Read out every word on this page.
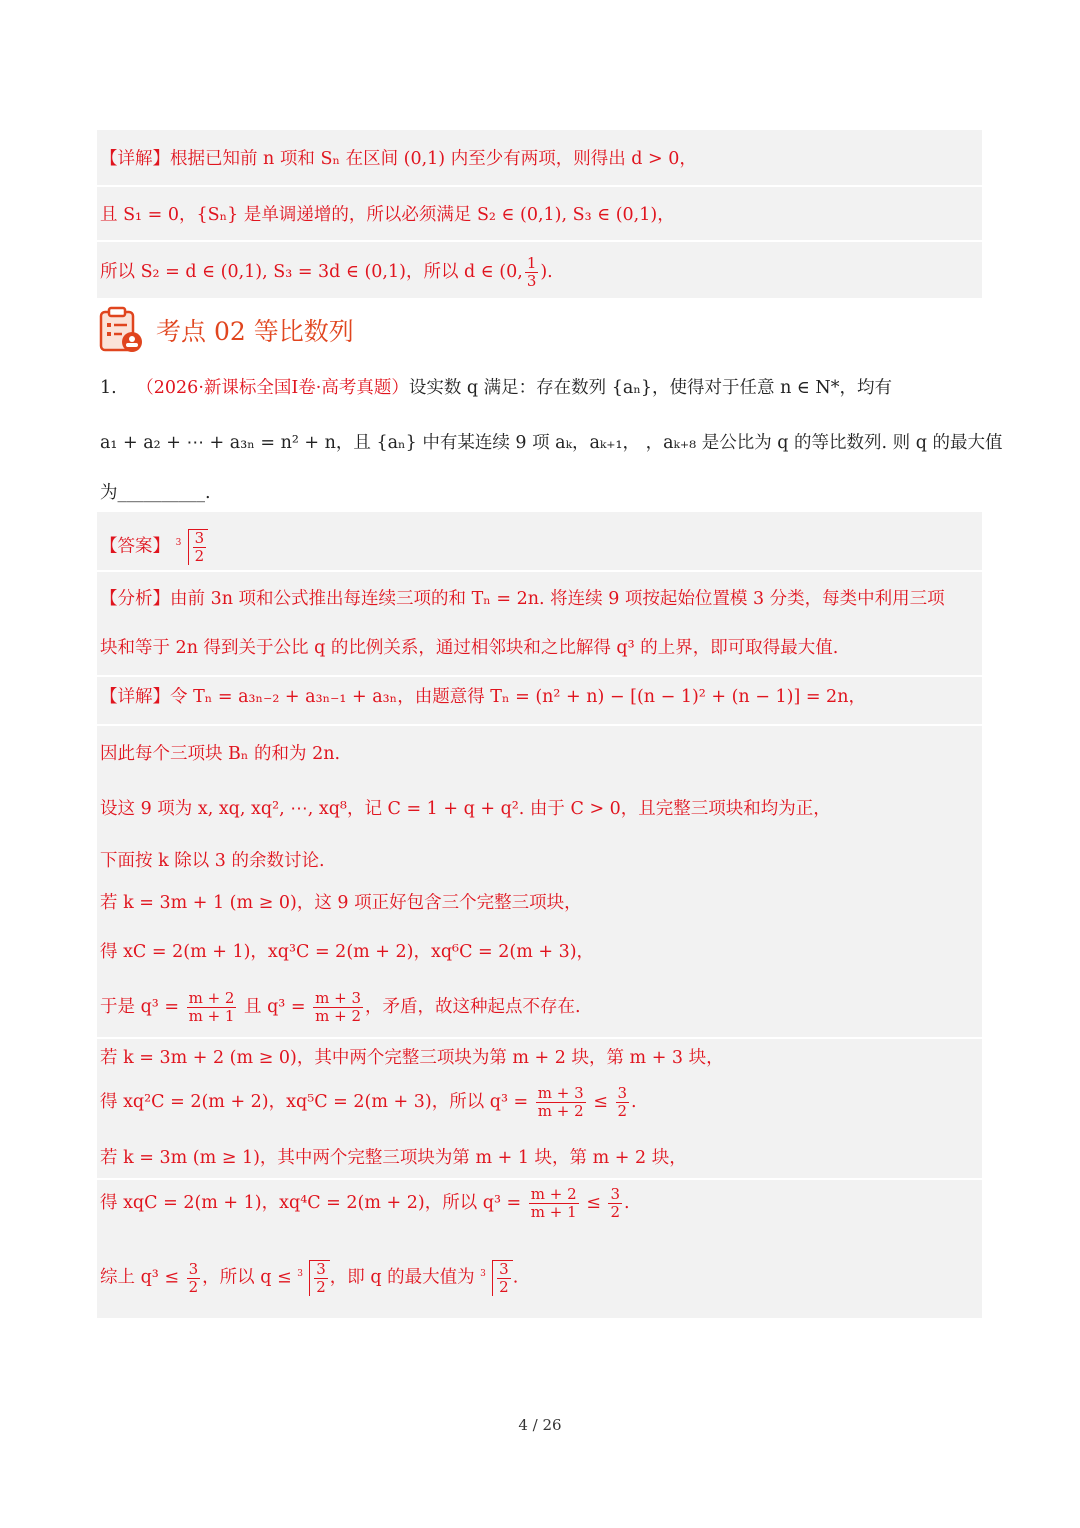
【详解】根据已知前 n 项和 Sₙ 在区间 (0,1) 内至少有两项，则得出 d > 0，
且 S₁ = 0，{Sₙ} 是单调递增的，所以必须满足 S₂ ∈ (0,1), S₃ ∈ (0,1)，
所以 S₂ = d ∈ (0,1), S₃ = 3d ∈ (0,1)，所以 d ∈ (0, $\frac{1}{3}$ ).
考点 02 等比数列
1. （2026·新课标全国Ⅰ卷·高考真题）设实数 q 满足：存在数列 {aₙ}，使得对于任意 n ∈ N*，均有
a₁ + a₂ + ⋯ + a₃ₙ = n² + n，且 {aₙ} 中有某连续 9 项 aₖ，aₖ₊₁， ，aₖ₊₈ 是公比为 q 的等比数列. 则 q 的最大值
为__________.
【答案】 $3 \frac{3}{2}$
【分析】由前 3n 项和公式推出每连续三项的和 Tₙ = 2n. 将连续 9 项按起始位置模 3 分类，每类中利用三项
块和等于 2n 得到关于公比 q 的比例关系，通过相邻块和之比解得 q³ 的上界，即可取得最大值.
【详解】令 Tₙ = a₃ₙ₋₂ + a₃ₙ₋₁ + a₃ₙ，由题意得 Tₙ = (n² + n) − [(n − 1)² + (n − 1)] = 2n，
因此每个三项块 Bₙ 的和为 2n.
设这 9 项为 x, xq, xq², ⋯, xq⁸，记 C = 1 + q + q². 由于 C > 0，且完整三项块和均为正，
下面按 k 除以 3 的余数讨论.
若 k = 3m + 1 (m ≥ 0)，这 9 项正好包含三个完整三项块，
得 xC = 2(m + 1)，xq³C = 2(m + 2)，xq⁶C = 2(m + 3)，
于是 $q^3 = \frac{m + 2}{m + 1}$ 且 $q^3 = \frac{m + 3}{m + 2}$ ，矛盾，故这种起点不存在.
若 k = 3m + 2 (m ≥ 0)，其中两个完整三项块为第 m + 2 块，第 m + 3 块，
得 xq²C = 2(m + 2)，xq⁵C = 2(m + 3)，所以 $q^3 = \frac{m + 3}{m + 2} \le \frac{3}{2}$ .
若 k = 3m (m ≥ 1)，其中两个完整三项块为第 m + 1 块，第 m + 2 块，
得 xqC = 2(m + 1)，xq⁴C = 2(m + 2)，所以 $q^3 = \frac{m + 2}{m + 1} \le \frac{3}{2}$ .
综上 $q^3 \le \frac{3}{2}$ ，所以 $q \le 3 \frac{3}{2}$ ，即 q 的最大值为 $3 \frac{3}{2}$ .
4 / 26
